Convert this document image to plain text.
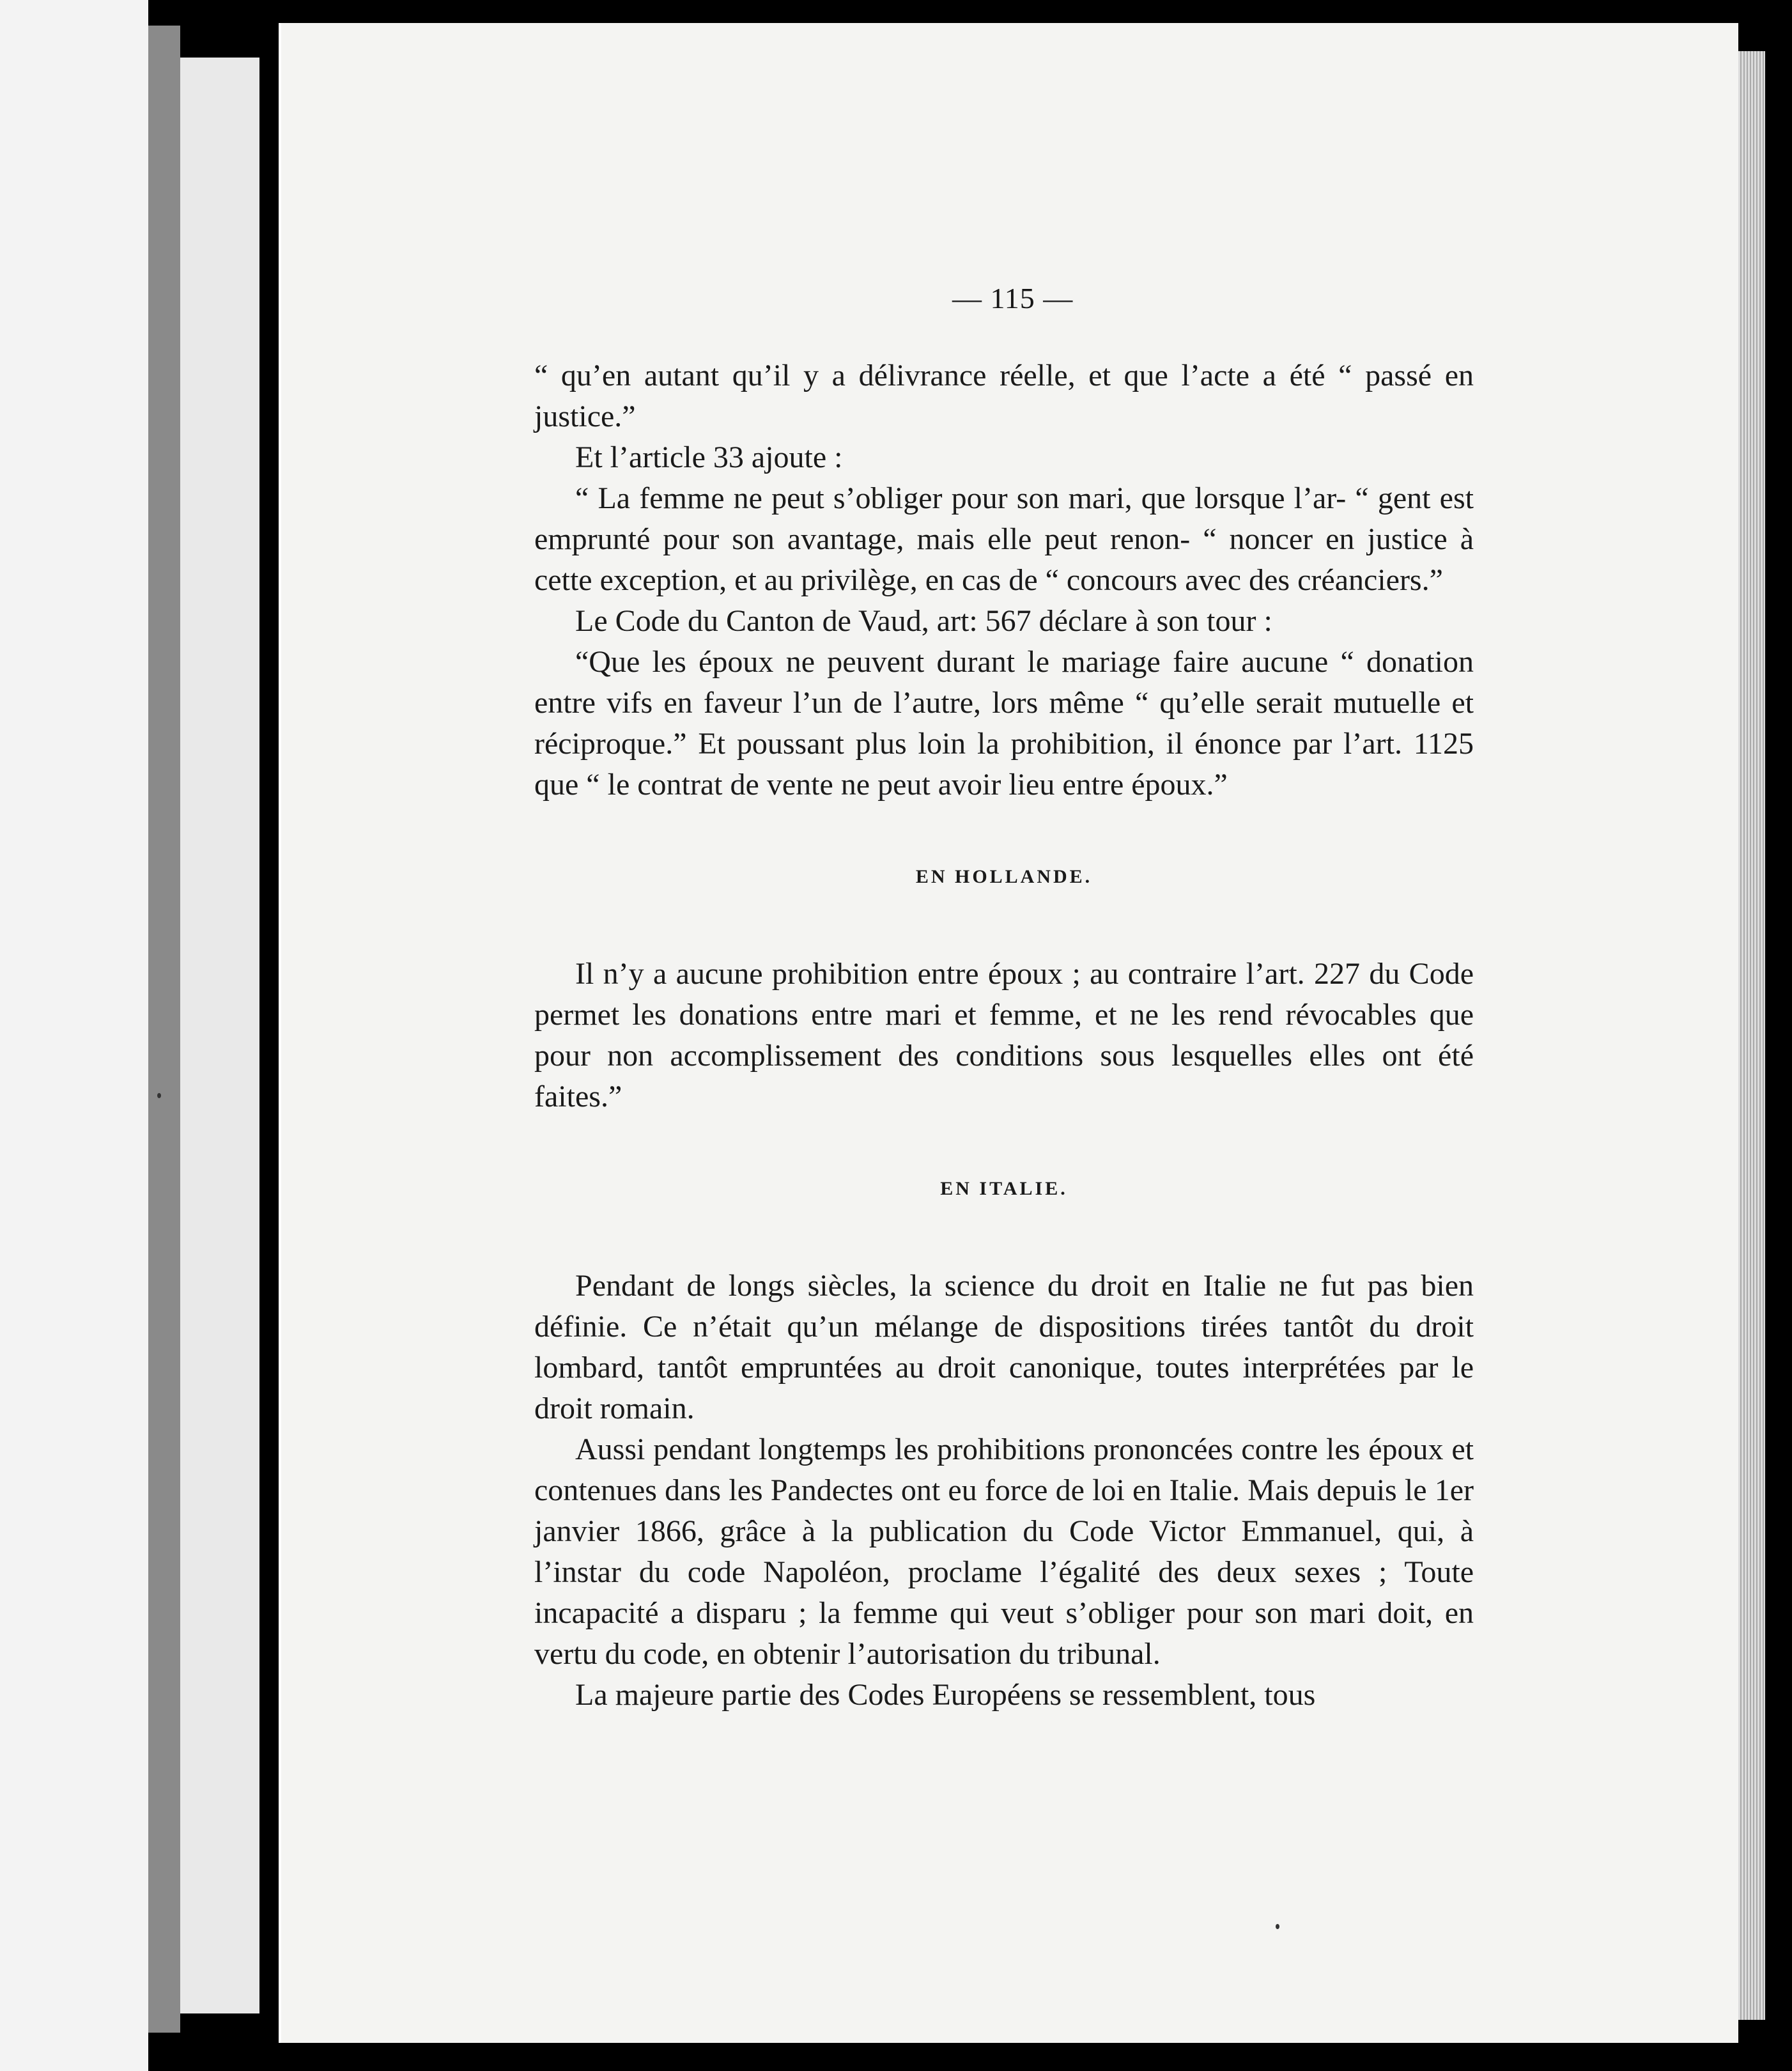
— 115 —

“ qu’en autant qu’il y a délivrance réelle, et que l’acte a été “ passé en justice.”

Et l’article 33 ajoute :

“ La femme ne peut s’obliger pour son mari, que lorsque l’ar- “ gent est emprunté pour son avantage, mais elle peut renon- “ noncer en justice à cette exception, et au privilège, en cas de “ concours avec des créanciers.”

Le Code du Canton de Vaud, art: 567 déclare à son tour :

“Que les époux ne peuvent durant le mariage faire aucune “ donation entre vifs en faveur l’un de l’autre, lors même “ qu’elle serait mutuelle et réciproque.” Et poussant plus loin la prohibition, il énonce par l’art. 1125 que “ le contrat de vente ne peut avoir lieu entre époux.”

EN HOLLANDE.

Il n’y a aucune prohibition entre époux ; au contraire l’art. 227 du Code permet les donations entre mari et femme, et ne les rend révocables que pour non accomplissement des conditions sous lesquelles elles ont été faites.”

EN ITALIE.

Pendant de longs siècles, la science du droit en Italie ne fut pas bien définie. Ce n’était qu’un mélange de dispositions tirées tantôt du droit lombard, tantôt empruntées au droit canonique, toutes interprétées par le droit romain.

Aussi pendant longtemps les prohibitions prononcées contre les époux et contenues dans les Pandectes ont eu force de loi en Italie. Mais depuis le 1er janvier 1866, grâce à la publication du Code Victor Emmanuel, qui, à l’instar du code Napoléon, proclame l’égalité des deux sexes ; Toute incapacité a disparu ; la femme qui veut s’obliger pour son mari doit, en vertu du code, en obtenir l’autorisation du tribunal.

La majeure partie des Codes Européens se ressemblent, tous
